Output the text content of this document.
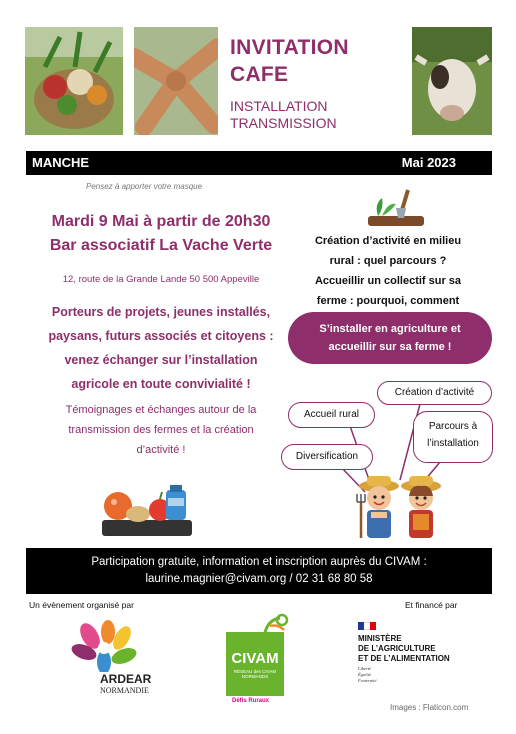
INVITATION
CAFE
INSTALLATION
TRANSMISSION
MANCHE	Mai 2023
Pensez à apporter votre masque
Mardi 9 Mai à partir de 20h30
Bar associatif La Vache Verte
12, route de la Grande Lande 50 500 Appeville
Porteurs de projets, jeunes installés,
paysans, futurs associés et citoyens :
venez échanger sur l’installation
agricole en toute convivialité !
Témoignages et échanges autour de la
transmission des fermes et la création
d’activité !
Création d’activité en milieu
rural : quel parcours ?
Accueillir un collectif sur sa
ferme : pourquoi, comment
S’installer en agriculture et
accueillir sur sa ferme !
Création d’activité
Accueil rural
Parcours à
l’installation
Diversification
Participation gratuite, information et inscription auprès du CIVAM :
laurine.magnier@civam.org / 02 31 68 80 58
Un évènement organisé par	Et financé par
ARDEAR
NORMANDIE
CIVAM
RÉSEAU des CIVAM
NORMANDS
Défis Ruraux
MINISTÈRE
DE L’AGRICULTURE
ET DE L’ALIMENTATION
Liberté
Égalité
Fraternité
Images : Flaticon.com
